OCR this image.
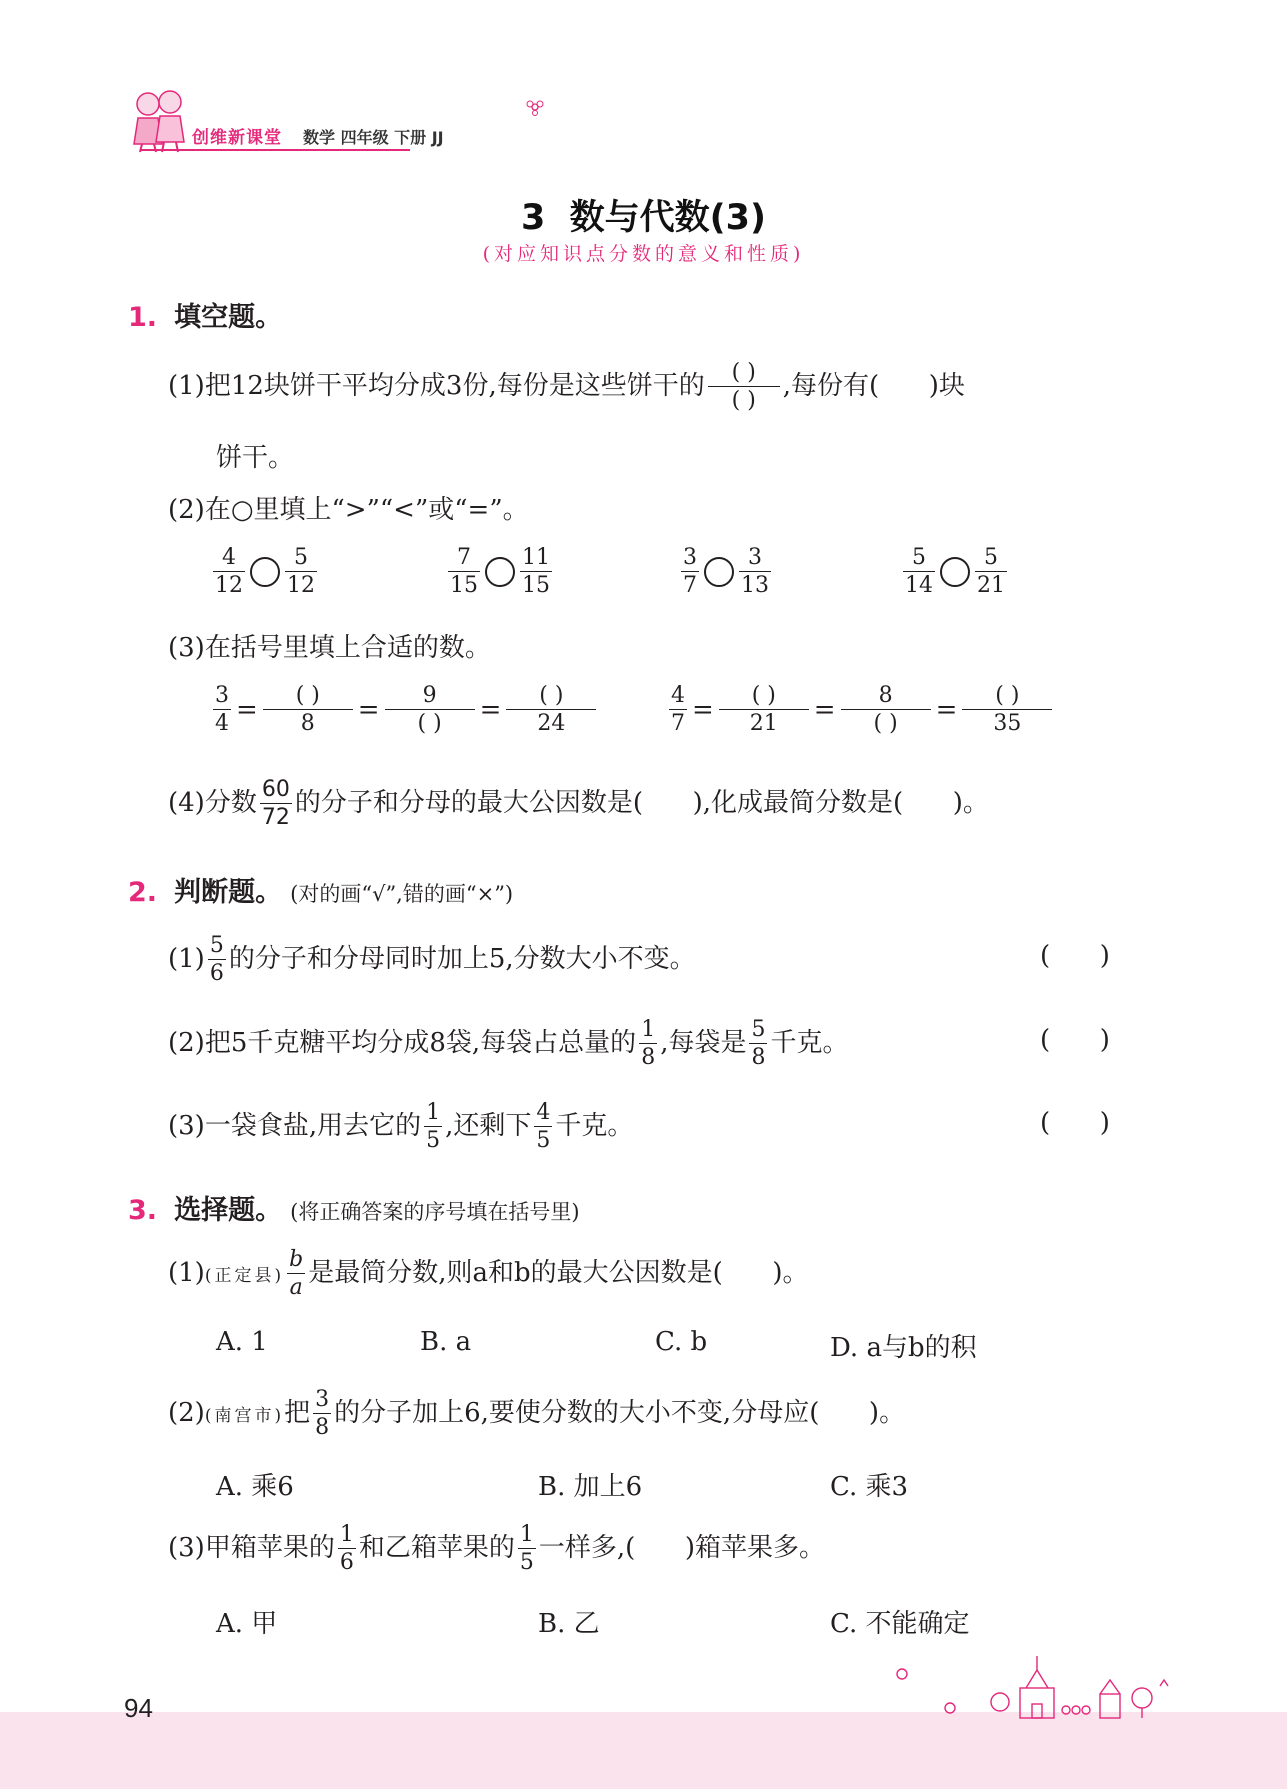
创维新课堂 数学 四年级 下册 JJ
3  数与代数(3)
(对应知识点分数的意义和性质)
1. 填空题。
(1)把12块饼干平均分成3份,每份是这些饼干的 $\frac{( )}{( )}$ ,每份有(      )块
饼干。
(2)在○里填上“>”“<”或“=”。
$\frac{4}{12} \frac{5}{12}$	$\frac{7}{15} \frac{11}{15}$	$\frac{3}{7} \frac{3}{13}$	$\frac{5}{14} \frac{5}{21}$
(3)在括号里填上合适的数。
$\frac{3}{4} = \frac{( )}{8} = \frac{9}{( )} = \frac{( )}{24}$	$\frac{4}{7} = \frac{( )}{21} = \frac{8}{( )} = \frac{( )}{35}$
(4)分数 $\frac{60}{72}$ 的分子和分母的最大公因数是(      ),化成最简分数是(      )。
2. 判断题。 (对的画“√”,错的画“×”)
$(1) \frac{5}{6}$ 的分子和分母同时加上5,分数大小不变。	(      )
(2)把5千克糖平均分成8袋,每袋占总量的 $\frac{1}{8}$ ,每袋是 $\frac{5}{8}$ 千克。	(      )
(3)一袋食盐,用去它的 $\frac{1}{5}$ ,还剩下 $\frac{4}{5}$ 千克。	(      )
3. 选择题。 (将正确答案的序号填在括号里)
(1)(正定县) $\frac{b}{a}$ 是最简分数,则a和b的最大公因数是(      )。
A. 1	B. a	C. b	D. a与b的积
(2)(南宫市)把 $\frac{3}{8}$ 的分子加上6,要使分数的大小不变,分母应(      )。
A. 乘6	B. 加上6	C. 乘3
(3)甲箱苹果的 $\frac{1}{6}$ 和乙箱苹果的 $\frac{1}{5}$ 一样多,(      )箱苹果多。
A. 甲	B. 乙	C. 不能确定
94
